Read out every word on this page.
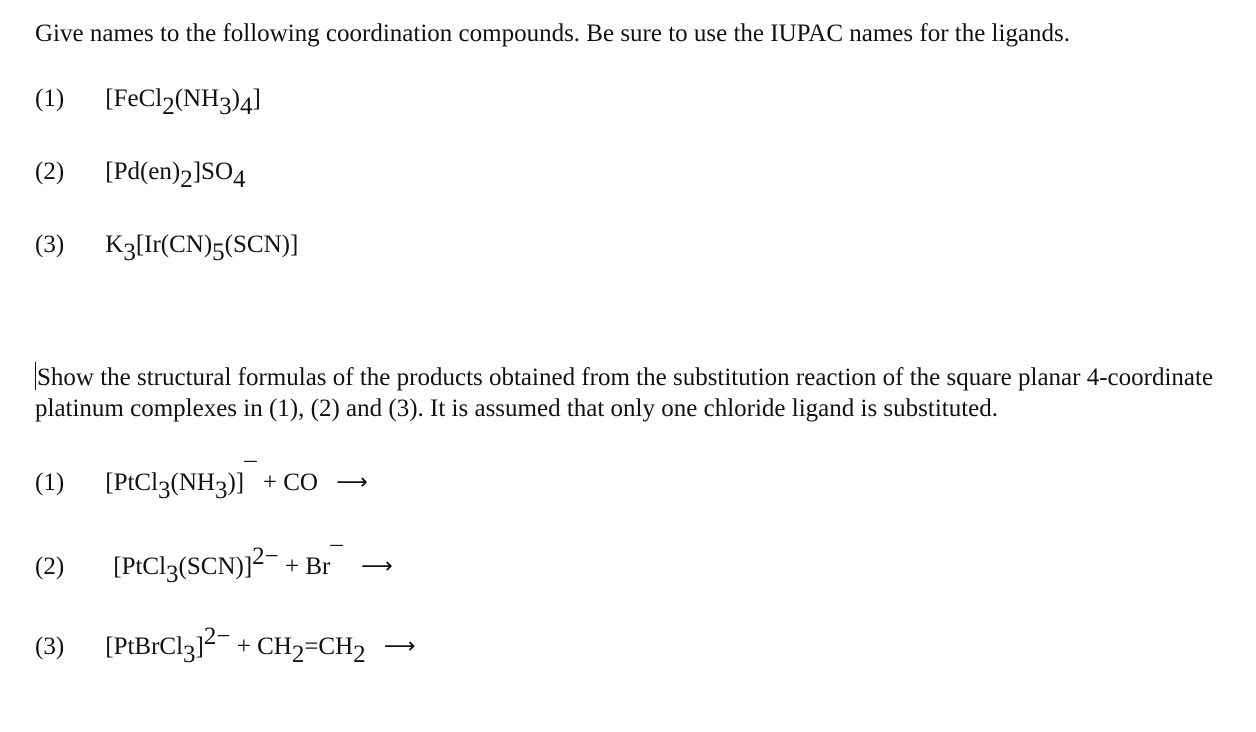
Give names to the following coordination compounds. Be sure to use the IUPAC names for the ligands.

(1) $[FeCl_2(NH_3)_4]$
(2) $[Pd(en)_2]SO_4$
(3) $K_3[Ir(CN)_5(SCN)]$

Show the structural formulas of the products obtained from the substitution reaction of the square planar 4-coordinate platinum complexes in (1), (2) and (3). It is assumed that only one chloride ligand is substituted.

(1) $[PtCl_3(NH_3)]^¯$ + CO ⟶
(2) [PtCl$_3$(SCN)]$^{2-}$ + Br¯ ⟶
(3) [PtBrCl$_3$]$^{2-}$ + $CH_2=CH_2$ ⟶
